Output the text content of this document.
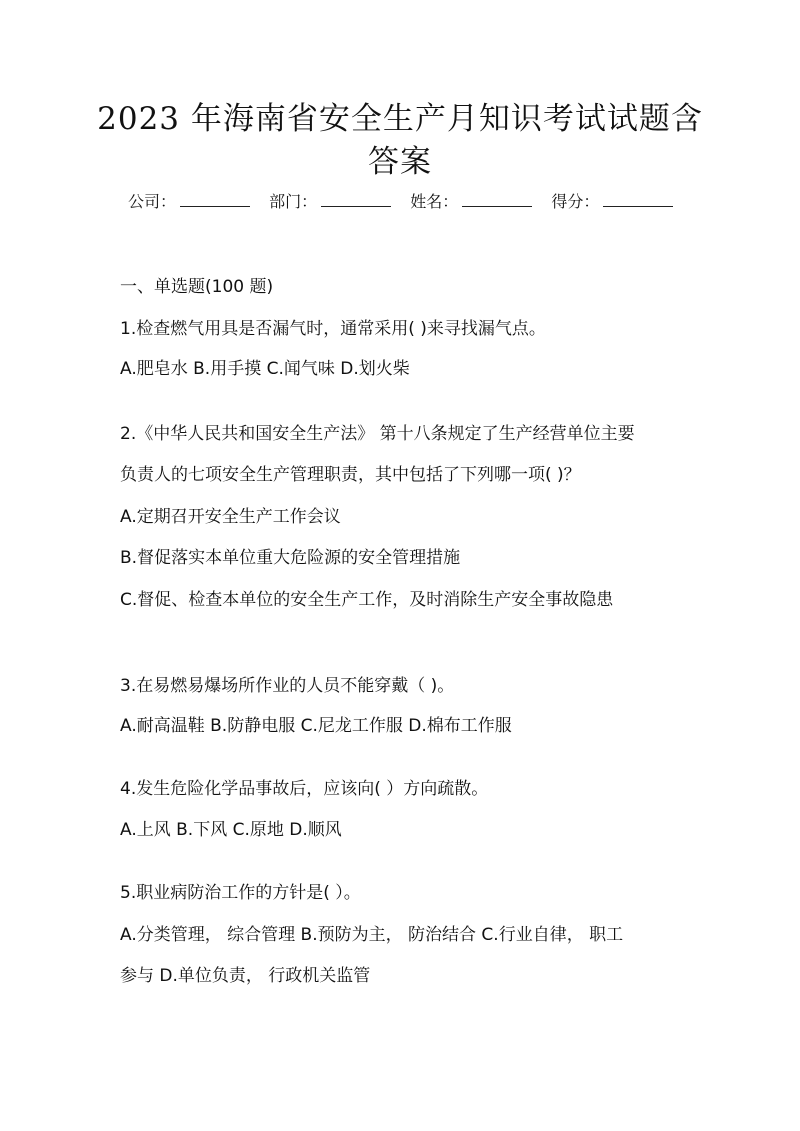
2023 年海南省安全生产月知识考试试题含
答案
公司：	部门：	姓名：	得分：
一、单选题(100 题)
1.检查燃气用具是否漏气时，通常采用( )来寻找漏气点。
A.肥皂水 B.用手摸 C.闻气味 D.划火柴
2.《中华人民共和国安全生产法》 第十八条规定了生产经营单位主要
负责人的七项安全生产管理职责，其中包括了下列哪一项( )？
A.定期召开安全生产工作会议
B.督促落实本单位重大危险源的安全管理措施
C.督促、检查本单位的安全生产工作，及时消除生产安全事故隐患
3.在易燃易爆场所作业的人员不能穿戴（ )。
A.耐高温鞋 B.防静电服 C.尼龙工作服 D.棉布工作服
4.发生危险化学品事故后，应该向( ）方向疏散。
A.上风 B.下风 C.原地 D.顺风
5.职业病防治工作的方针是( ）。
A.分类管理， 综合管理 B.预防为主， 防治结合 C.行业自律， 职工
参与 D.单位负责， 行政机关监管
